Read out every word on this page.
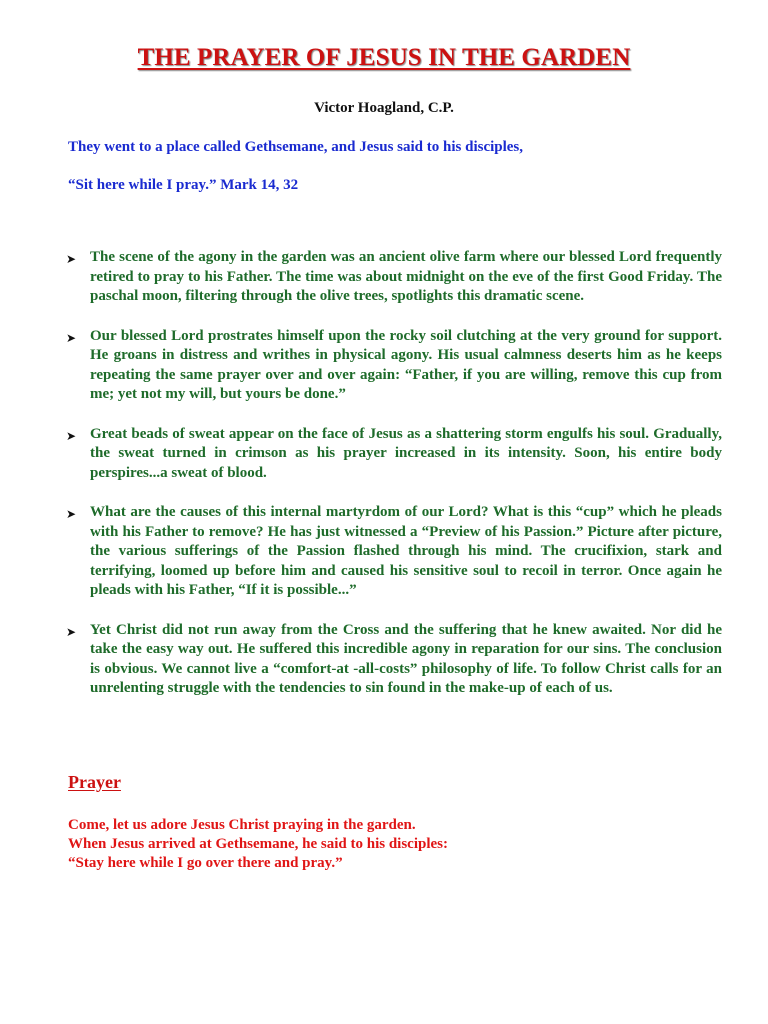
THE PRAYER OF JESUS IN THE GARDEN
Victor Hoagland, C.P.
They went to a place called Gethsemane, and Jesus said to his disciples,
“Sit here while I pray.” Mark 14, 32
➤ The scene of the agony in the garden was an ancient olive farm where our blessed Lord frequently retired to pray to his Father. The time was about midnight on the eve of the first Good Friday. The paschal moon, filtering through the olive trees, spotlights this dramatic scene.
➤ Our blessed Lord prostrates himself upon the rocky soil clutching at the very ground for support. He groans in distress and writhes in physical agony. His usual calmness deserts him as he keeps repeating the same prayer over and over again: “Father, if you are willing, remove this cup from me; yet not my will, but yours be done.”
➤ Great beads of sweat appear on the face of Jesus as a shattering storm engulfs his soul. Gradually, the sweat turned in crimson as his prayer increased in its intensity. Soon, his entire body perspires...a sweat of blood.
➤ What are the causes of this internal martyrdom of our Lord? What is this “cup” which he pleads with his Father to remove? He has just witnessed a “Preview of his Passion.” Picture after picture, the various sufferings of the Passion flashed through his mind. The crucifixion, stark and terrifying, loomed up before him and caused his sensitive soul to recoil in terror. Once again he pleads with his Father, “If it is possible...”
➤ Yet Christ did not run away from the Cross and the suffering that he knew awaited. Nor did he take the easy way out. He suffered this incredible agony in reparation for our sins. The conclusion is obvious. We cannot live a “comfort-at -all-costs” philosophy of life. To follow Christ calls for an unrelenting struggle with the tendencies to sin found in the make-up of each of us.
Prayer
Come, let us adore Jesus Christ praying in the garden.
When Jesus arrived at Gethsemane, he said to his disciples:
“Stay here while I go over there and pray.”
